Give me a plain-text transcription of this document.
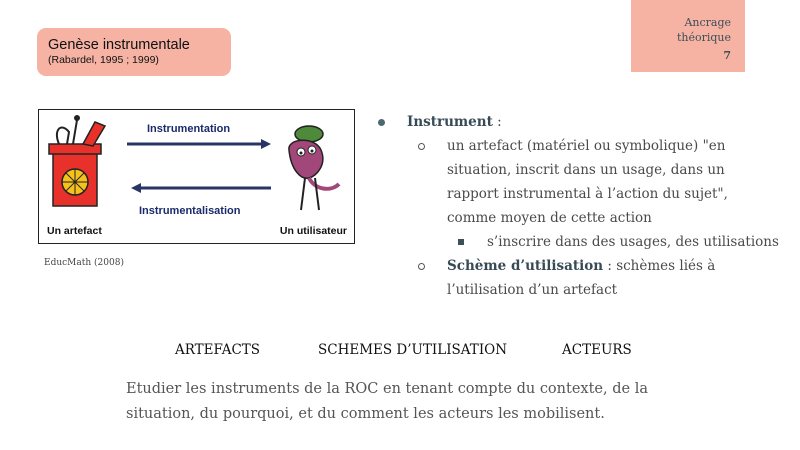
Genèse instrumentale
(Rabardel, 1995 ; 1999)
Ancrage
théorique
7
Instrumentation
Instrumentalisation
Un artefact	Un utilisateur
EducMath (2008)
Instrument :
un artefact (matériel ou symbolique) "en
situation, inscrit dans un usage, dans un
rapport instrumental à l’action du sujet",
comme moyen de cette action
s’inscrire dans des usages, des utilisations
Schème d’utilisation : schèmes liés à
l’utilisation d’un artefact
ARTEFACTS	SCHEMES D’UTILISATION	ACTEURS
Etudier les instruments de la ROC en tenant compte du contexte, de la
situation, du pourquoi, et du comment les acteurs les mobilisent.
